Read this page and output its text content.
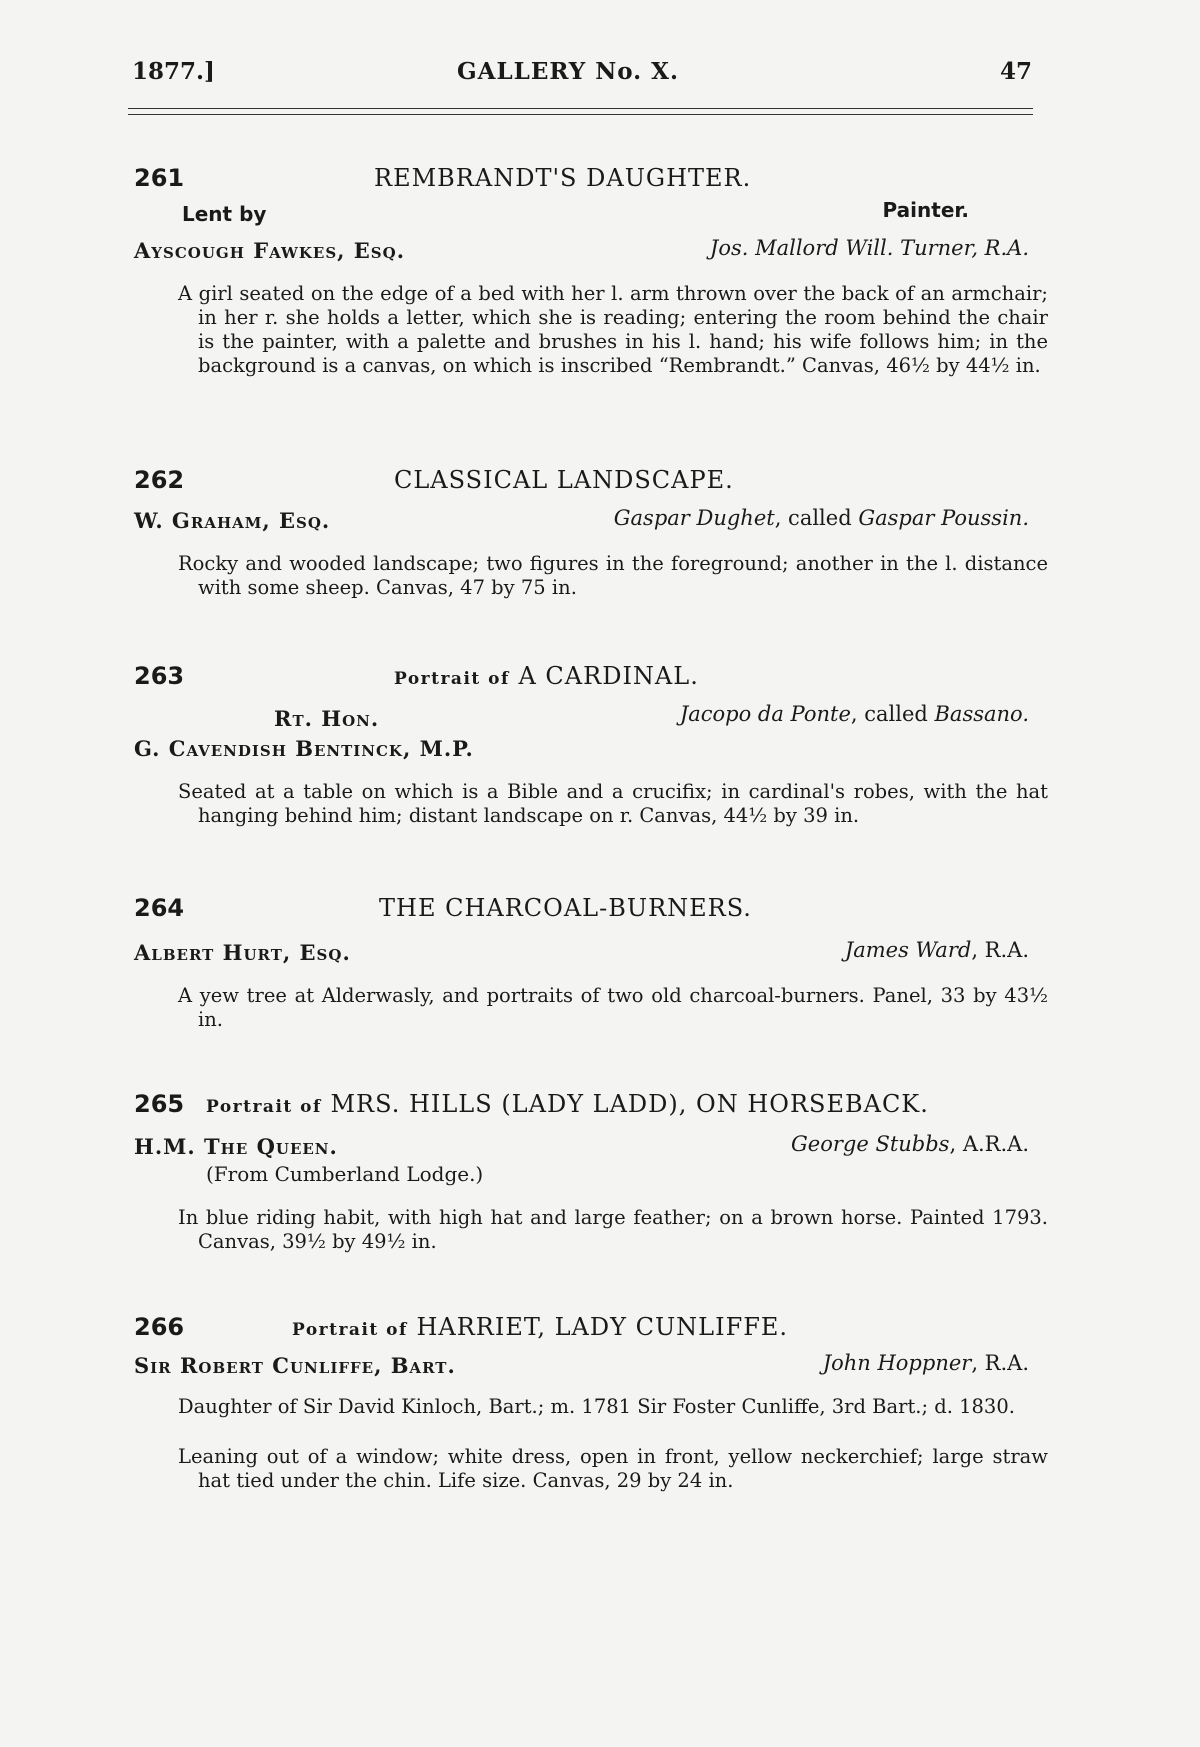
1877.]	GALLERY No. X.	47
261	REMBRANDT'S DAUGHTER.
Lent by	Painter.
Ayscough Fawkes, Esq.	Jos. Mallord Will. Turner, R.A.
A girl seated on the edge of a bed with her l. arm thrown over the back of an armchair; in her r. she holds a letter, which she is reading; entering the room behind the chair is the painter, with a palette and brushes in his l. hand; his wife follows him; in the background is a canvas, on which is inscribed “Rembrandt.” Canvas, 46½ by 44½ in.
262	CLASSICAL LANDSCAPE.
W. Graham, Esq.	Gaspar Dughet, called Gaspar Poussin.
Rocky and wooded landscape; two figures in the foreground; another in the l. distance with some sheep. Canvas, 47 by 75 in.
263	Portrait of A CARDINAL.
Rt. Hon.	Jacopo da Ponte, called Bassano.
G. Cavendish Bentinck, M.P.
Seated at a table on which is a Bible and a crucifix; in cardinal's robes, with the hat hanging behind him; distant landscape on r. Canvas, 44½ by 39 in.
264	THE CHARCOAL-BURNERS.
Albert Hurt, Esq.	James Ward, R.A.
A yew tree at Alderwasly, and portraits of two old charcoal-burners. Panel, 33 by 43½ in.
265 Portrait of MRS. HILLS (LADY LADD), ON HORSEBACK.
H.M. The Queen.	George Stubbs, A.R.A.
(From Cumberland Lodge.)
In blue riding habit, with high hat and large feather; on a brown horse. Painted 1793. Canvas, 39½ by 49½ in.
266	Portrait of HARRIET, LADY CUNLIFFE.
Sir Robert Cunliffe, Bart.	John Hoppner, R.A.
Daughter of Sir David Kinloch, Bart.; m. 1781 Sir Foster Cunliffe, 3rd Bart.; d. 1830.
Leaning out of a window; white dress, open in front, yellow neckerchief; large straw hat tied under the chin. Life size. Canvas, 29 by 24 in.
